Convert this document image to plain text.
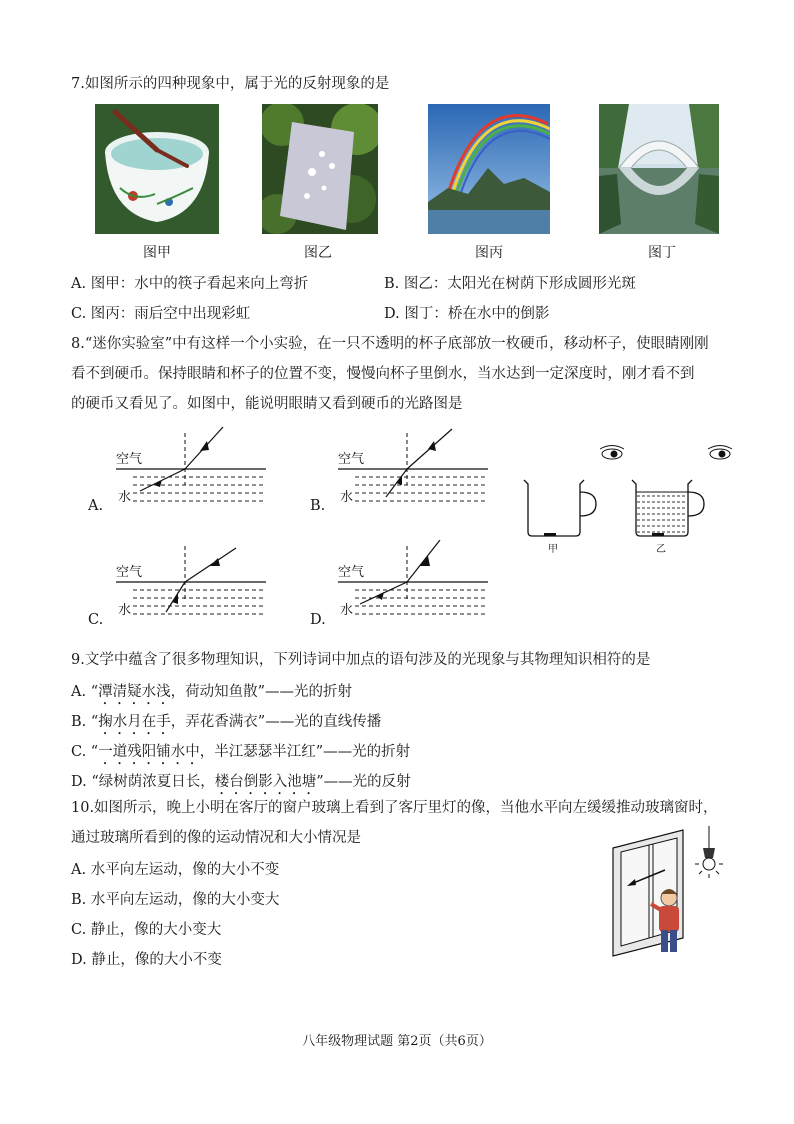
7.如图所示的四种现象中，属于光的反射现象的是
图甲	图乙	图丙	图丁
A. 图甲：水中的筷子看起来向上弯折	B. 图乙：太阳光在树荫下形成圆形光斑
C. 图丙：雨后空中出现彩虹	D. 图丁：桥在水中的倒影
8.“迷你实验室”中有这样一个小实验，在一只不透明的杯子底部放一枚硬币，移动杯子，使眼睛刚刚
看不到硬币。保持眼睛和杯子的位置不变，慢慢向杯子里倒水，当水达到一定深度时，刚才看不到
的硬币又看见了。如图中，能说明眼睛又看到硬币的光路图是
空气
水
A.
空气
水
B.
空气
水
C.
空气
水
D.
甲	乙
9.文学中蕴含了很多物理知识，下列诗词中加点的语句涉及的光现象与其物理知识相符的是
A. “潭清疑水浅，荷动知鱼散”——光的折射
B. “掬水月在手，弄花香满衣”——光的直线传播
C. “一道残阳铺水中，半江瑟瑟半江红”——光的折射
D. “绿树荫浓夏日长，楼台倒影入池塘”——光的反射
10.如图所示，晚上小明在客厅的窗户玻璃上看到了客厅里灯的像，当他水平向左缓缓推动玻璃窗时，
通过玻璃所看到的像的运动情况和大小情况是
A. 水平向左运动，像的大小不变
B. 水平向左运动，像的大小变大
C. 静止，像的大小变大
D. 静止，像的大小不变
八年级物理试题 第2页（共6页）
